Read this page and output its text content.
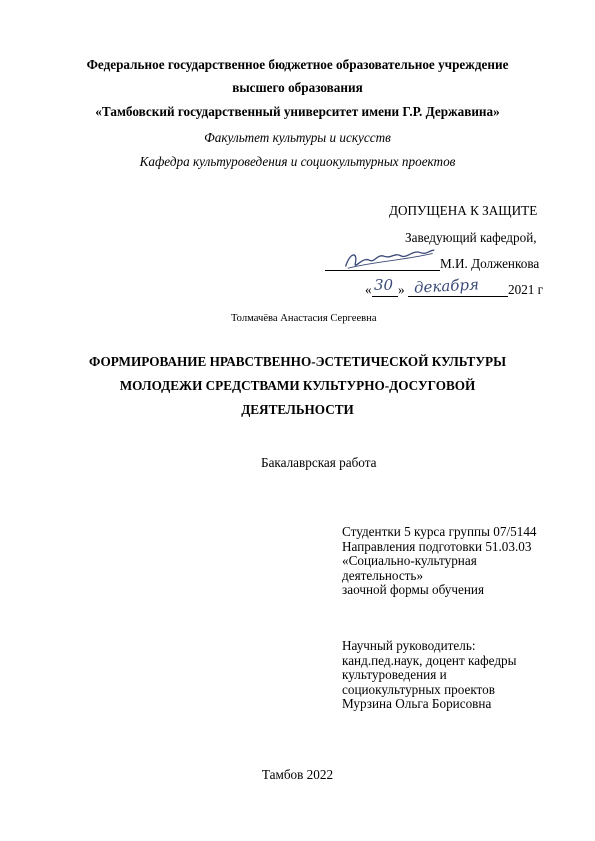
Федеральное государственное бюджетное образовательное учреждение
высшего образования
«Тамбовский государственный университет имени Г.Р. Державина»
Факультет культуры и искусств
Кафедра культуроведения и социокультурных проектов
ДОПУЩЕНА К ЗАЩИТЕ
Заведующий кафедрой,
М.И. Долженкова
« 30 » декабря 2021 г
Толмачёва Анастасия Сергеевна
ФОРМИРОВАНИЕ НРАВСТВЕННО-ЭСТЕТИЧЕСКОЙ КУЛЬТУРЫ
МОЛОДЕЖИ СРЕДСТВАМИ КУЛЬТУРНО-ДОСУГОВОЙ
ДЕЯТЕЛЬНОСТИ
Бакалаврская работа
Студентки 5 курса группы 07/5144
Направления подготовки 51.03.03
«Социально-культурная
деятельность»
заочной формы обучения
Научный руководитель:
канд.пед.наук, доцент кафедры
культуроведения и
социокультурных проектов
Мурзина Ольга Борисовна
Тамбов 2022
